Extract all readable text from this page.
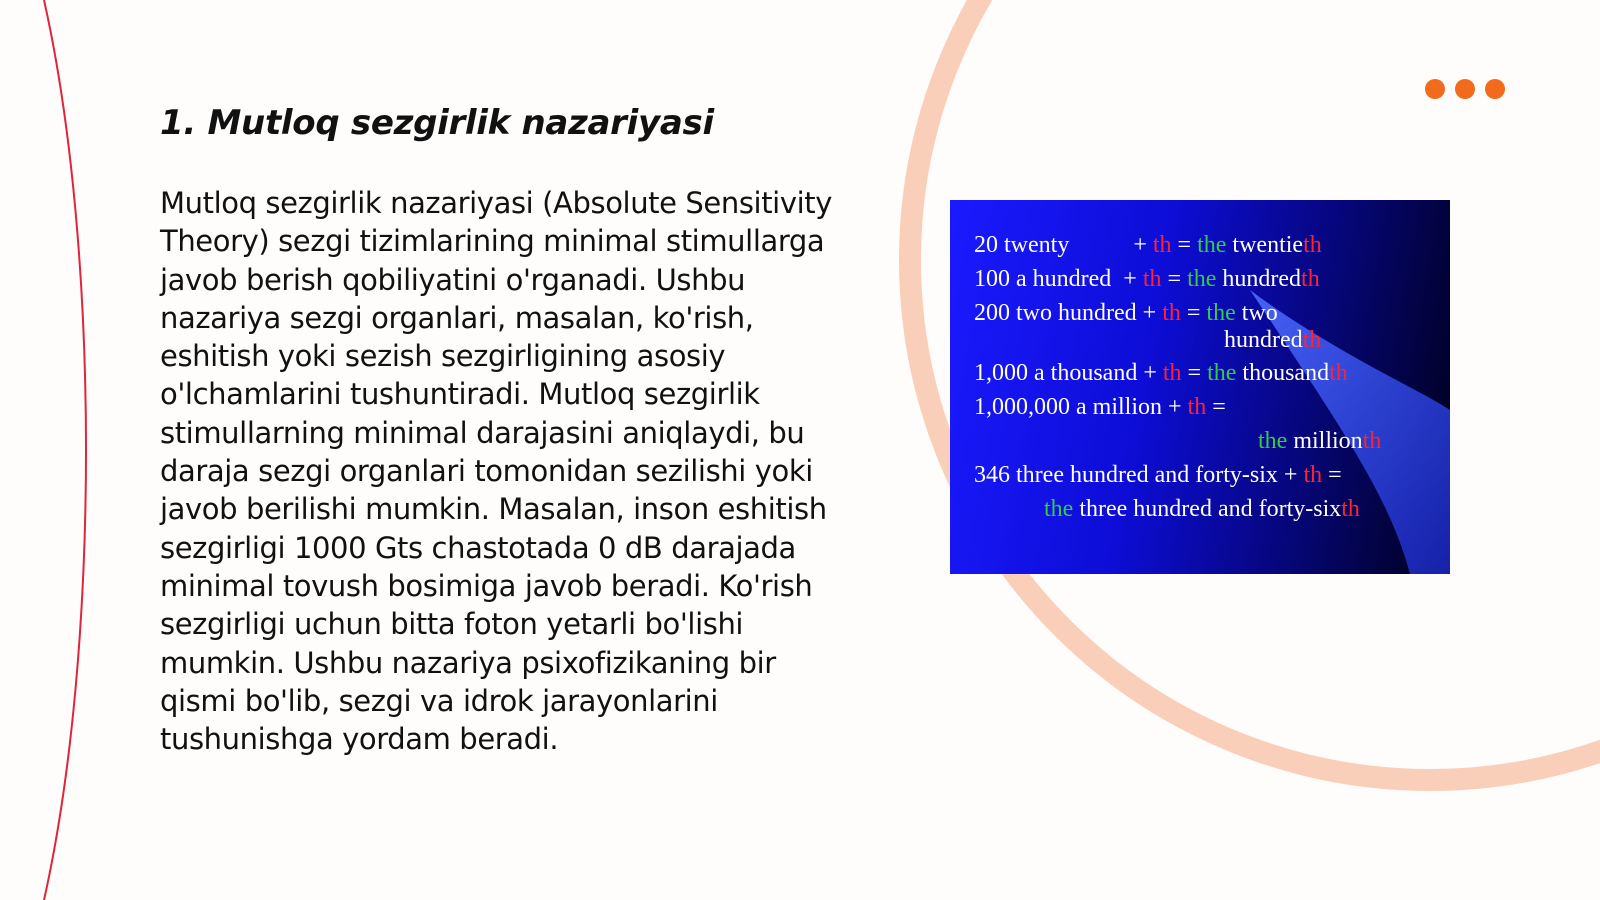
1. Mutloq sezgirlik nazariyasi

Mutloq sezgirlik nazariyasi (Absolute Sensitivity Theory) sezgi tizimlarining minimal stimullarga javob berish qobiliyatini o'rganadi. Ushbu nazariya sezgi organlari, masalan, ko'rish, eshitish yoki sezish sezgirligining asosiy o'lchamlarini tushuntiradi. Mutloq sezgirlik stimullarning minimal darajasini aniqlaydi, bu daraja sezgi organlari tomonidan sezilishi yoki javob berilishi mumkin. Masalan, inson eshitish sezgirligi 1000 Gts chastotada 0 dB darajada minimal tovush bosimiga javob beradi. Ko'rish sezgirligi uchun bitta foton yetarli bo'lishi mumkin. Ushbu nazariya psixofizikaning bir qismi bo'lib, sezgi va idrok jarayonlarini tushunishga yordam beradi.

20 twenty	+ th = the twentieth
100 a hundred + th = the hundredth
200 two hundred + th = the two
hundredth
1,000 a thousand + th = the thousandth
1,000,000 a million + th =
the millionth
346 three hundred and forty-six + th =
the three hundred and forty-sixth
